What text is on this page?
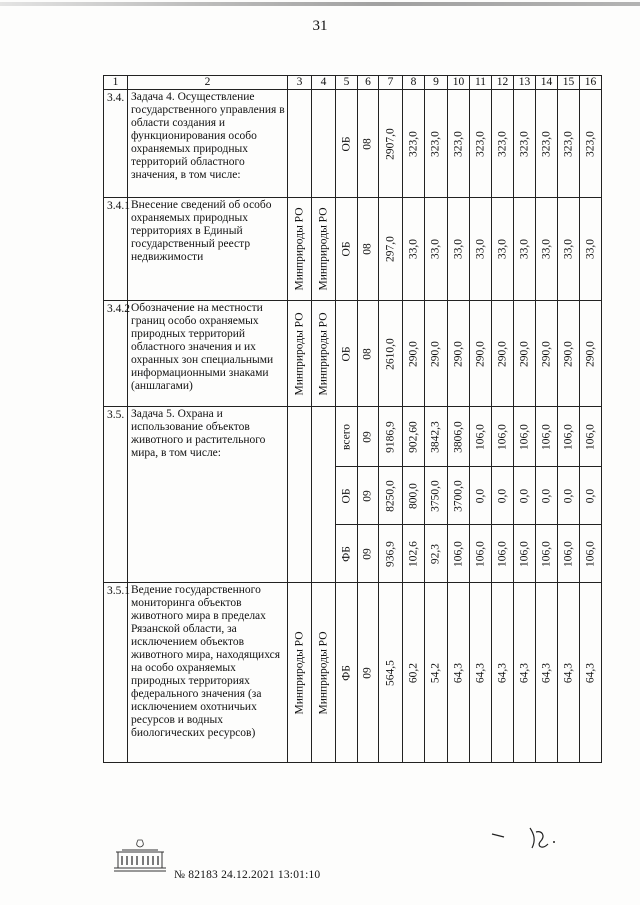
31
1	2	3	4	5	6	7	8	9	10	11	12	13	14	15	16
3.4.	Задача 4. Осуществление государственного управления в области создания и функционирования особо охраняемых природных территорий областного значения, в том числе:			ОБ	08	2907,0	323,0	323,0	323,0	323,0	323,0	323,0	323,0	323,0	323,0

3.4.1	Внесение сведений об особо охраняемых природных территориях в Единый государственный реестр недвижимости	Минприроды РО	Минприроды РО	ОБ	08	297,0	33,0	33,0	33,0	33,0	33,0	33,0	33,0	33,0	33,0

3.4.2	Обозначение на местности границ особо охраняемых природных территорий областного значения и их охранных зон специальными информационными знаками (аншлагами)	Минприроды РО	Минприроды РО	ОБ	08	2610,0	290,0	290,0	290,0	290,0	290,0	290,0	290,0	290,0	290,0

3.5.	Задача 5. Охрана и использование объектов животного и растительного мира, в том числе:			всего	09	9186,9	902,60	3842,3	3806,0	106,0	106,0	106,0	106,0	106,0	106,0

				ОБ	09	8250,0	800,0	3750,0	3700,0	0,0	0,0	0,0	0,0	0,0	0,0

				ФБ	09	936,9	102,6	92,3	106,0	106,0	106,0	106,0	106,0	106,0	106,0

3.5.1	Ведение государственного мониторинга объектов животного мира в пределах Рязанской области, за исключением объектов животного мира, находящихся на особо охраняемых природных территориях федерального значения (за исключением охотничьих ресурсов и водных биологических ресурсов)	Минприроды РО	Минприроды РО	ФБ	09	564,5	60,2	54,2	64,3	64,3	64,3	64,3	64,3	64,3	64,3
№ 82183 24.12.2021 13:01:10
